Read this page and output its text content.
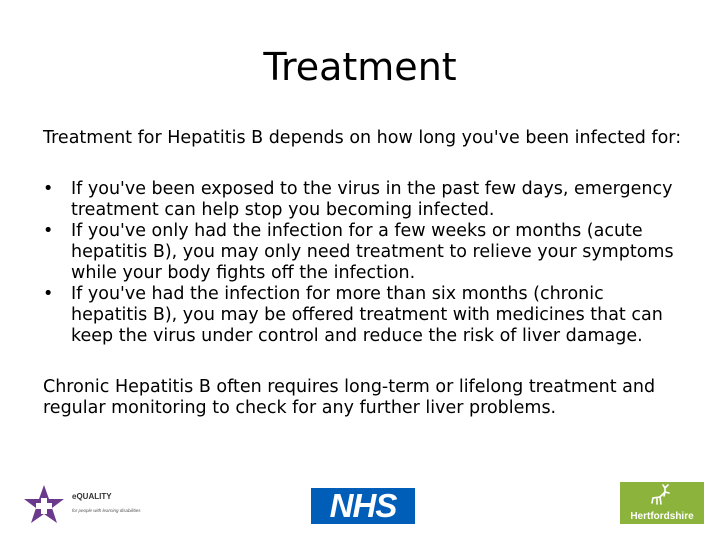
Treatment

Treatment for Hepatitis B depends on how long you've been infected for:

• If you've been exposed to the virus in the past few days, emergency treatment can help stop you becoming infected.
• If you've only had the infection for a few weeks or months (acute hepatitis B), you may only need treatment to relieve your symptoms while your body fights off the infection.
• If you've had the infection for more than six months (chronic hepatitis B), you may be offered treatment with medicines that can keep the virus under control and reduce the risk of liver damage.

Chronic Hepatitis B often requires long-term or lifelong treatment and regular monitoring to check for any further liver problems.

eQUALITY
for people with learning disabilities	NHS	Hertfordshire
